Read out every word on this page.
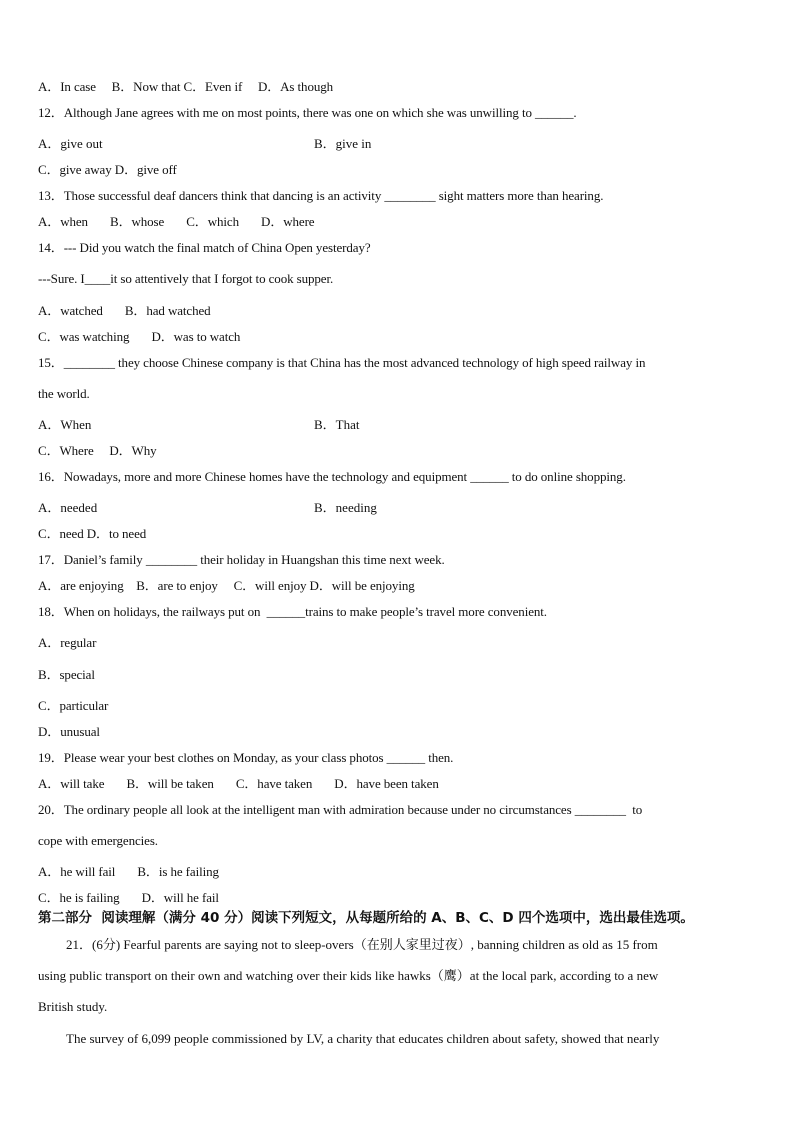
A．In case     B．Now that C．Even if     D．As though
12．Although Jane agrees with me on most points, there was one on which she was unwilling to ______.
A．give out	B．give in
C．give away D．give off
13．Those successful deaf dancers think that dancing is an activity ________ sight matters more than hearing.
A．when       B．whose       C．which       D．where
14．--- Did you watch the final match of China Open yesterday?
---Sure. I____it so attentively that I forgot to cook supper.
A．watched       B．had watched
C．was watching       D．was to watch
15．________ they choose Chinese company is that China has the most advanced technology of high speed railway in
the world.
A．When	B．That
C．Where     D．Why
16．Nowadays, more and more Chinese homes have the technology and equipment ______ to do online shopping.
A．needed	B．needing
C．need D．to need
17．Daniel’s family ________ their holiday in Huangshan this time next week.
A．are enjoying    B．are to enjoy     C．will enjoy D．will be enjoying
18．When on holidays, the railways put on  ______trains to make people’s travel more convenient.
A．regular
B．special
C．particular
D．unusual
19．Please wear your best clothes on Monday, as your class photos ______ then.
A．will take       B．will be taken       C．have taken       D．have been taken
20．The ordinary people all look at the intelligent man with admiration because under no circumstances ________  to
cope with emergencies.
A．he will fail       B．is he failing
C．he is failing       D．will he fail
第二部分  阅读理解（满分 40 分）阅读下列短文，从每题所给的 A、B、C、D 四个选项中，选出最佳选项。
21．(6分) Fearful parents are saying not to sleep-overs（在别人家里过夜）, banning children as old as 15 from
using public transport on their own and watching over their kids like hawks（鹰）at the local park, according to a new
British study.
The survey of 6,099 people commissioned by LV, a charity that educates children about safety, showed that nearly
